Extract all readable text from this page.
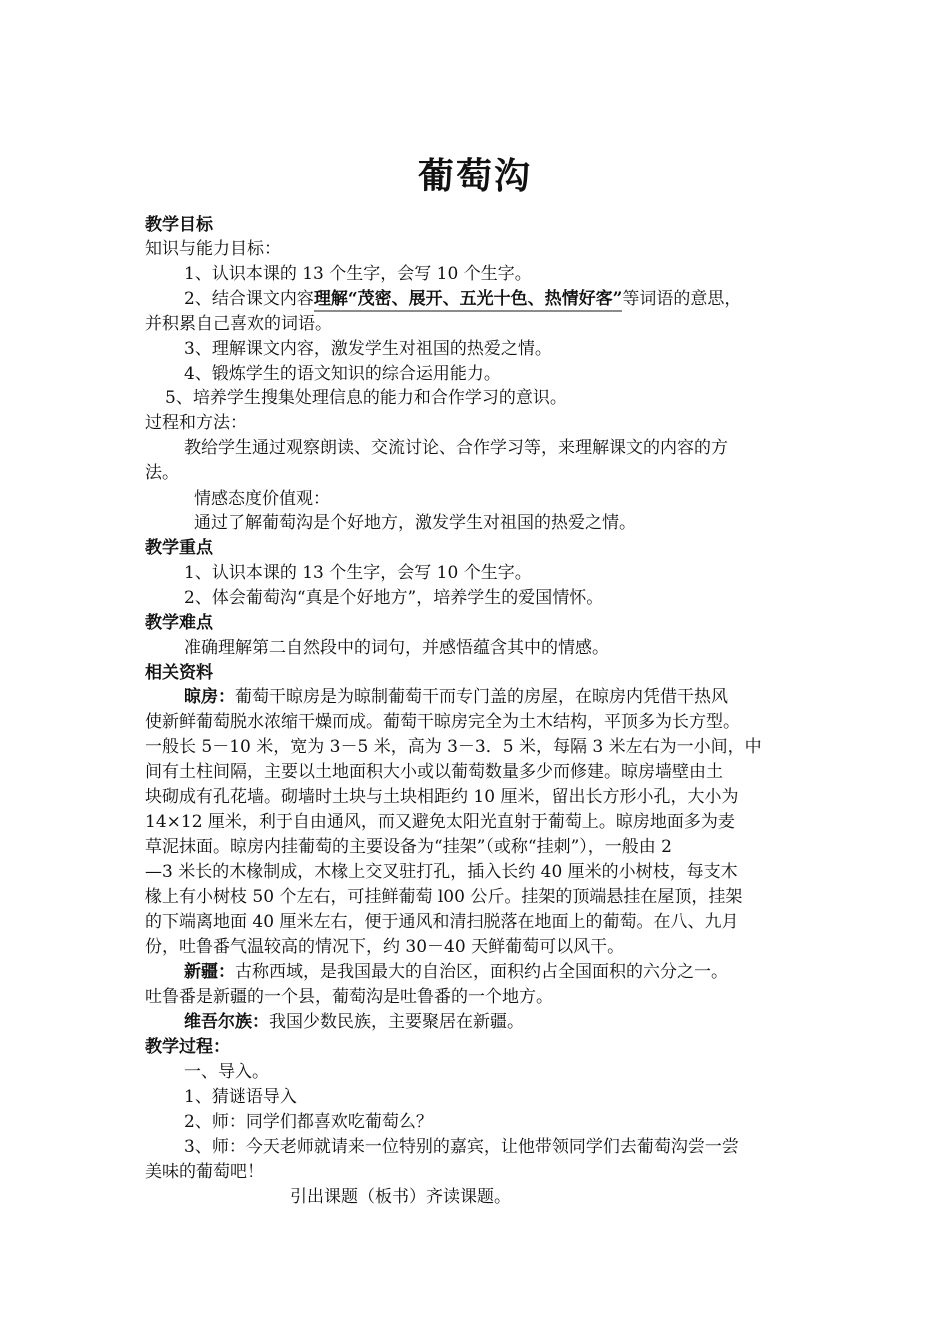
葡萄沟
教学目标
知识与能力目标：
1、认识本课的 13 个生字，会写 10 个生字。
2、结合课文内容理解“茂密、展开、五光十色、热情好客”等词语的意思，
并积累自己喜欢的词语。
3、理解课文内容，激发学生对祖国的热爱之情。
4、锻炼学生的语文知识的综合运用能力。
5、培养学生搜集处理信息的能力和合作学习的意识。
过程和方法：
教给学生通过观察朗读、交流讨论、合作学习等，来理解课文的内容的方
法。
情感态度价值观：
通过了解葡萄沟是个好地方，激发学生对祖国的热爱之情。
教学重点
1、认识本课的 13 个生字，会写 10 个生字。
2、体会葡萄沟“真是个好地方”，培养学生的爱国情怀。
教学难点
准确理解第二自然段中的词句，并感悟蕴含其中的情感。
相关资料
晾房：葡萄干晾房是为晾制葡萄干而专门盖的房屋，在晾房内凭借干热风
使新鲜葡萄脱水浓缩干燥而成。葡萄干晾房完全为土木结构，平顶多为长方型。
一般长 5－10 米，宽为 3－5 米，高为 3－3．5 米，每隔 3 米左右为一小间，中
间有土柱间隔，主要以土地面积大小或以葡萄数量多少而修建。晾房墙壁由土
块砌成有孔花墙。砌墙时土块与土块相距约 10 厘米，留出长方形小孔，大小为
14×12 厘米，利于自由通风，而又避免太阳光直射于葡萄上。晾房地面多为麦
草泥抹面。晾房内挂葡萄的主要设备为“挂架”（或称“挂刺”），一般由 2
—3 米长的木椽制成，木椽上交叉驻打孔，插入长约 40 厘米的小树枝，每支木
椽上有小树枝 50 个左右，可挂鲜葡萄 l00 公斤。挂架的顶端悬挂在屋顶，挂架
的下端离地面 40 厘米左右，便于通风和清扫脱落在地面上的葡萄。在八、九月
份，吐鲁番气温较高的情况下，约 30－40 天鲜葡萄可以风干。
新疆：古称西域，是我国最大的自治区，面积约占全国面积的六分之一。
吐鲁番是新疆的一个县，葡萄沟是吐鲁番的一个地方。
维吾尔族：我国少数民族，主要聚居在新疆。
教学过程：
一、导入。
1、猜谜语导入
2、师：同学们都喜欢吃葡萄么？
3、师：今天老师就请来一位特别的嘉宾，让他带领同学们去葡萄沟尝一尝
美味的葡萄吧！
引出课题（板书）齐读课题。
